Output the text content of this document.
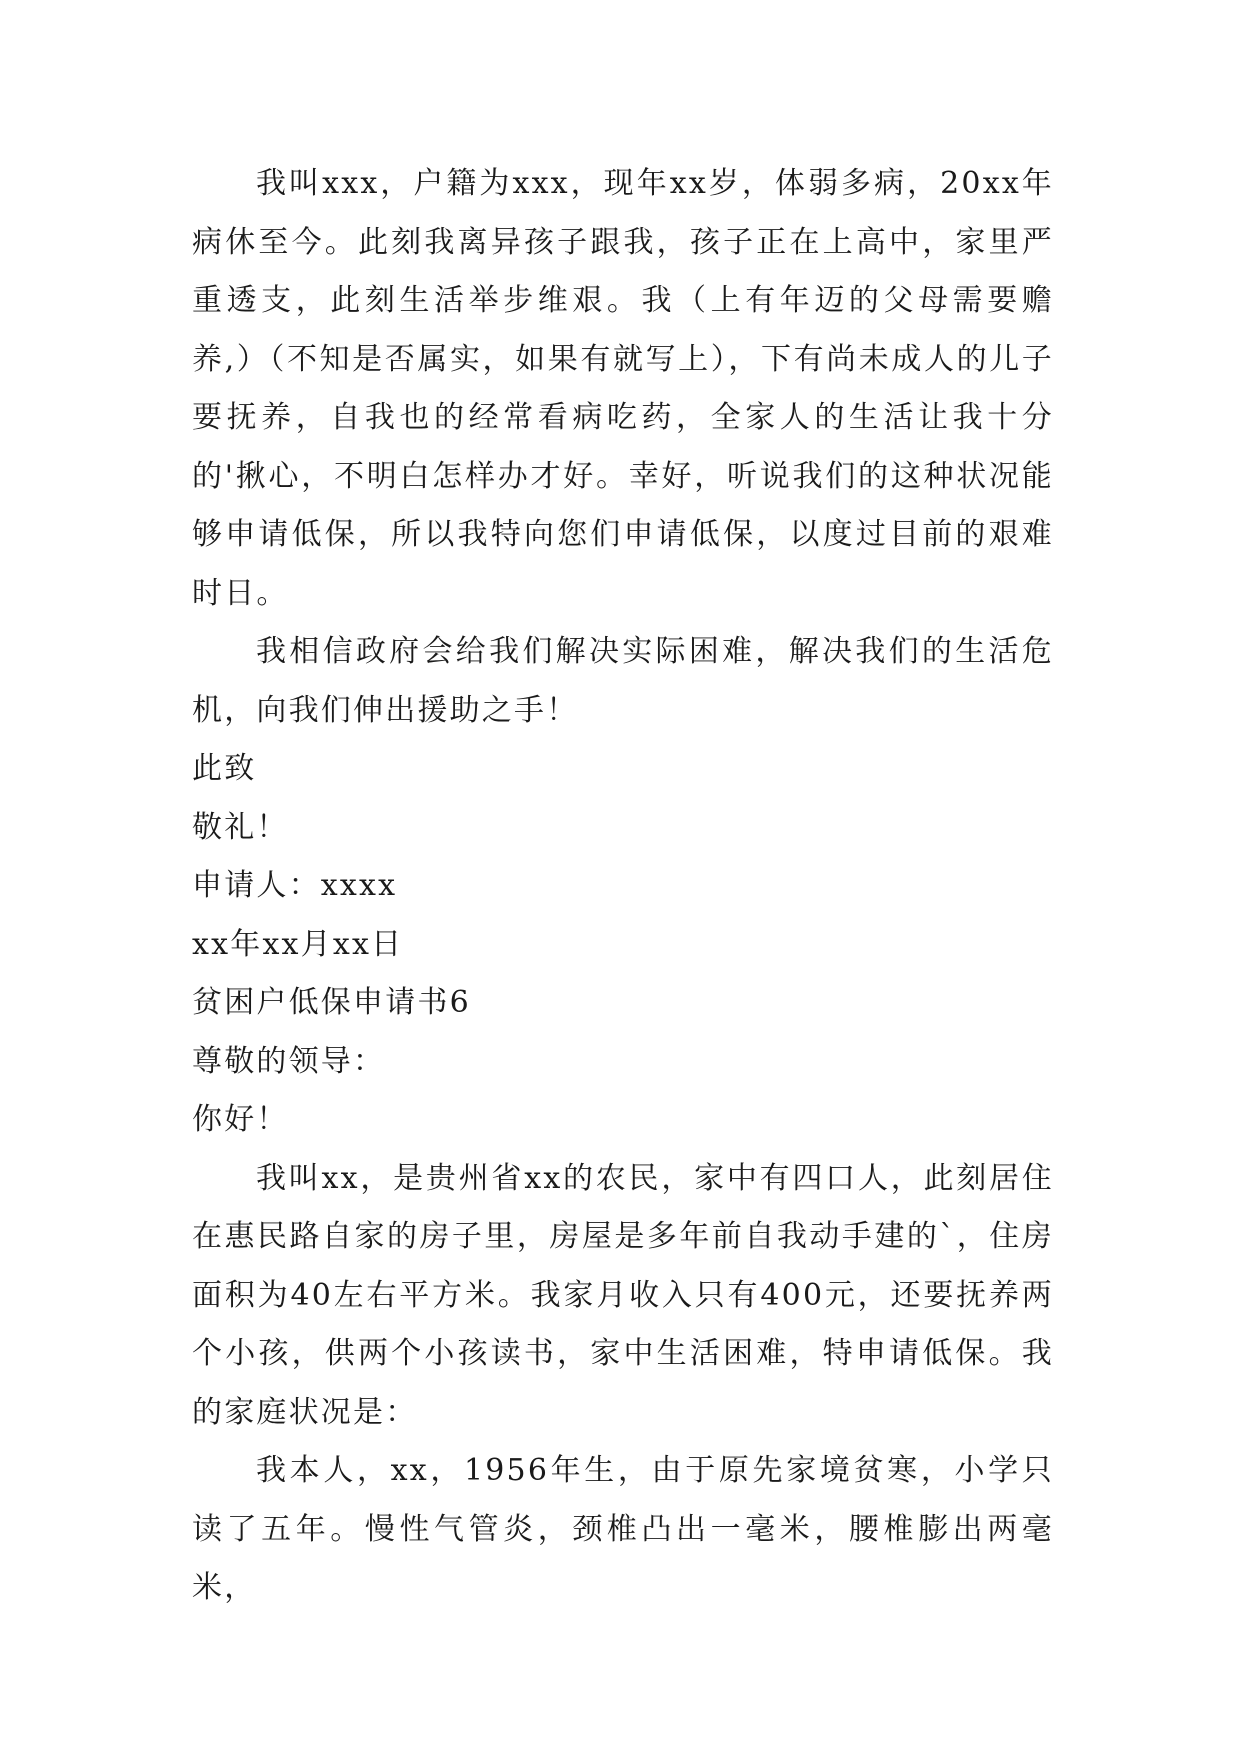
我叫xxx，户籍为xxx，现年xx岁，体弱多病，20xx年病休至今。此刻我离异孩子跟我，孩子正在上高中，家里严重透支，此刻生活举步维艰。我（上有年迈的父母需要赡养,）（不知是否属实，如果有就写上），下有尚未成人的儿子要抚养，自我也的经常看病吃药，全家人的生活让我十分的'揪心，不明白怎样办才好。幸好，听说我们的这种状况能够申请低保，所以我特向您们申请低保，以度过目前的艰难时日。

我相信政府会给我们解决实际困难，解决我们的生活危机，向我们伸出援助之手！

此致

敬礼！

申请人：xxxx

xx年xx月xx日

贫困户低保申请书6

尊敬的领导：

你好！

我叫xx，是贵州省xx的农民，家中有四口人，此刻居住在惠民路自家的房子里，房屋是多年前自我动手建的`，住房面积为40左右平方米。我家月收入只有400元，还要抚养两个小孩，供两个小孩读书，家中生活困难，特申请低保。我的家庭状况是：

我本人，xx，1956年生，由于原先家境贫寒，小学只读了五年。慢性气管炎，颈椎凸出一毫米，腰椎膨出两毫米，
